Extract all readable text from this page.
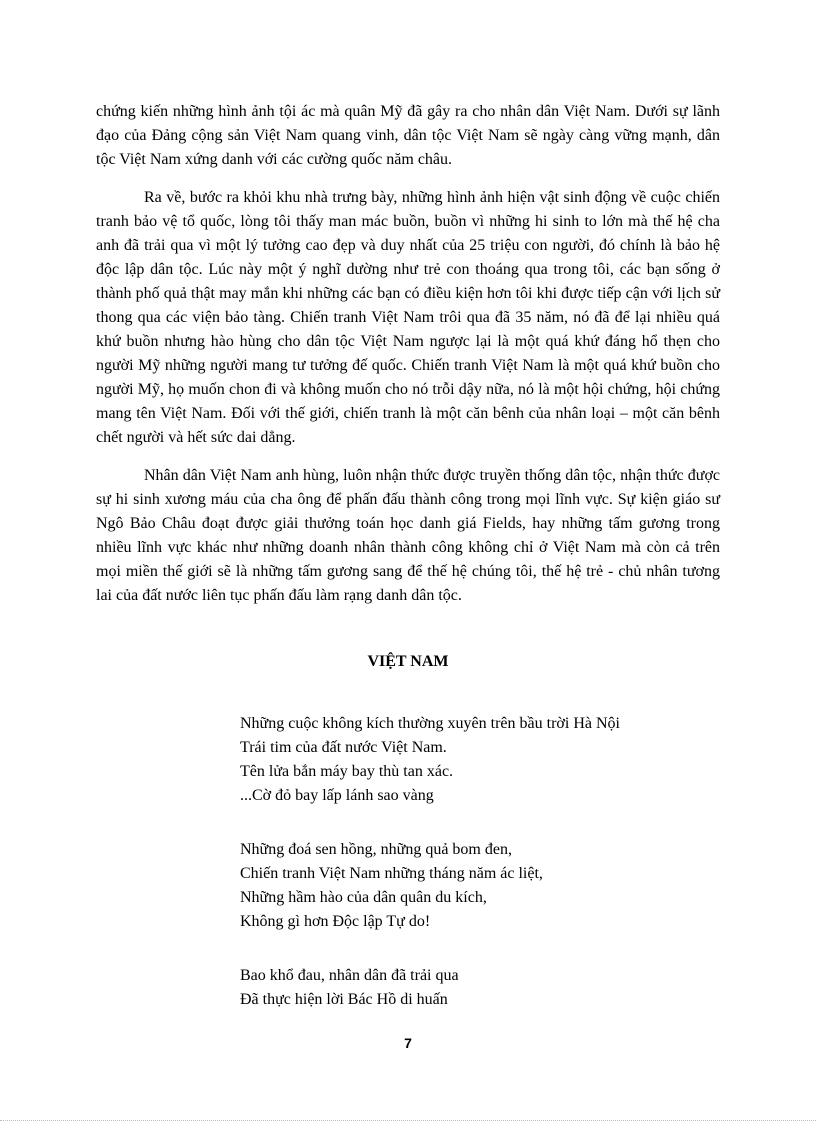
chứng kiến những hình ảnh tội ác mà quân Mỹ đã gây ra cho nhân dân Việt Nam. Dưới sự lãnh đạo của Đảng cộng sản Việt Nam quang vinh, dân tộc Việt Nam sẽ ngày càng vững mạnh, dân tộc Việt Nam xứng danh với các cường quốc năm châu.

Ra về, bước ra khỏi khu nhà trưng bày, những hình ảnh hiện vật sinh động về cuộc chiến tranh bảo vệ tổ quốc, lòng tôi thấy man mác buồn, buồn vì những hi sinh to lớn mà thế hệ cha anh đã trải qua vì một lý tưởng cao đẹp và duy nhất của 25 triệu con người, đó chính là bảo hệ độc lập dân tộc. Lúc này một ý nghĩ dường như trẻ con thoáng qua trong tôi, các bạn sống ở thành phố quả thật may mắn khi những các bạn có điều kiện hơn tôi khi được tiếp cận với lịch sử thong qua các viện bảo tàng. Chiến tranh Việt Nam trôi qua đã 35 năm, nó đã để lại nhiều quá khứ buồn nhưng hào hùng cho dân tộc Việt Nam ngược lại là một quá khứ đáng hổ thẹn cho người Mỹ những người mang tư tưởng đế quốc. Chiến tranh Việt Nam là một quá khứ buồn cho người Mỹ, họ muốn chon đi và không muốn cho nó trỗi dậy nữa, nó là một hội chứng, hội chứng mang tên Việt Nam. Đối với thế giới, chiến tranh là một căn bênh của nhân loại – một căn bênh chết người và hết sức dai dẳng.

Nhân dân Việt Nam anh hùng, luôn nhận thức được truyền thống dân tộc, nhận thức được sự hi sinh xương máu của cha ông để phấn đấu thành công trong mọi lĩnh vực. Sự kiện giáo sư Ngô Bảo Châu đoạt được giải thưởng toán học danh giá Fields, hay những tấm gương trong nhiều lĩnh vực khác như những doanh nhân thành công không chỉ ở Việt Nam mà còn cả trên mọi miền thế giới sẽ là những tấm gương sang để thế hệ chúng tôi, thế hệ trẻ - chủ nhân tương lai của đất nước liên tục phấn đấu làm rạng danh dân tộc.

VIỆT NAM

Những cuộc không kích thường xuyên trên bầu trời Hà Nội
Trái tim của đất nước Việt Nam.
Tên lửa bắn máy bay thù tan xác.
...Cờ đỏ bay lấp lánh sao vàng
Những đoá sen hồng, những quả bom đen,
Chiến tranh Việt Nam những tháng năm ác liệt,
Những hầm hào của dân quân du kích,
Không gì hơn Độc lập Tự do!
Bao khổ đau, nhân dân đã trải qua
Đã thực hiện lời Bác Hồ di huấn

7
